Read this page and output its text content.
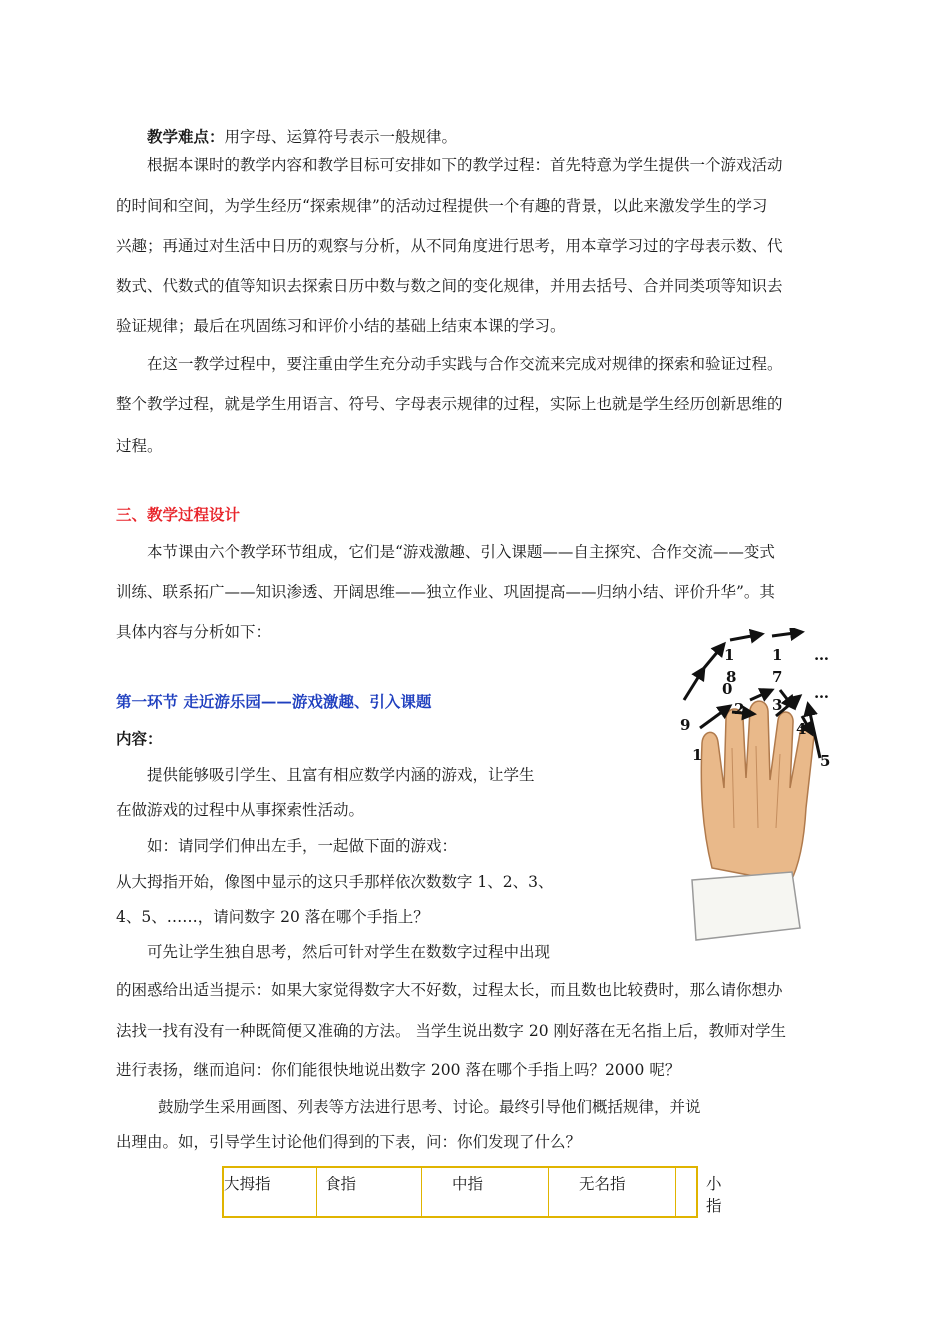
教学难点：用字母、运算符号表示一般规律。
根据本课时的教学内容和教学目标可安排如下的教学过程：首先特意为学生提供一个游戏活动
的时间和空间，为学生经历“探索规律”的活动过程提供一个有趣的背景，以此来激发学生的学习
兴趣；再通过对生活中日历的观察与分析，从不同角度进行思考，用本章学习过的字母表示数、代
数式、代数式的值等知识去探索日历中数与数之间的变化规律，并用去括号、合并同类项等知识去
验证规律；最后在巩固练习和评价小结的基础上结束本课的学习。
在这一教学过程中，要注重由学生充分动手实践与合作交流来完成对规律的探索和验证过程。
整个教学过程，就是学生用语言、符号、字母表示规律的过程，实际上也就是学生经历创新思维的
过程。
三、教学过程设计
本节课由六个教学环节组成，它们是“游戏激趣、引入课题——自主探究、合作交流——变式
训练、联系拓广——知识渗透、开阔思维——独立作业、巩固提高——归纳小结、评价升华”。其
具体内容与分析如下：
第一环节 走近游乐园——游戏激趣、引入课题
内容：
提供能够吸引学生、且富有相应数学内涵的游戏，让学生
在做游戏的过程中从事探索性活动。
如：请同学们伸出左手，一起做下面的游戏：
从大拇指开始，像图中显示的这只手那样依次数数字 1、2、3、
4、5、……，请问数字 20 落在哪个手指上？
可先让学生独自思考，然后可针对学生在数数字过程中出现
的困惑给出适当提示：如果大家觉得数字大不好数，过程太长，而且数也比较费时，那么请你想办
法找一找有没有一种既简便又准确的方法。 当学生说出数字 20 刚好落在无名指上后，教师对学生
进行表扬，继而追问：你们能很快地说出数字 200 落在哪个手指上吗？2000 呢？
鼓励学生采用画图、列表等方法进行思考、讨论。最终引导他们概括规律，并说
出理由。如，引导学生讨论他们得到的下表，问：你们发现了什么？
1
8
1
7
…
0
2 3
…
9	4
1	5
大拇指	食指	中指	无名指	小指
